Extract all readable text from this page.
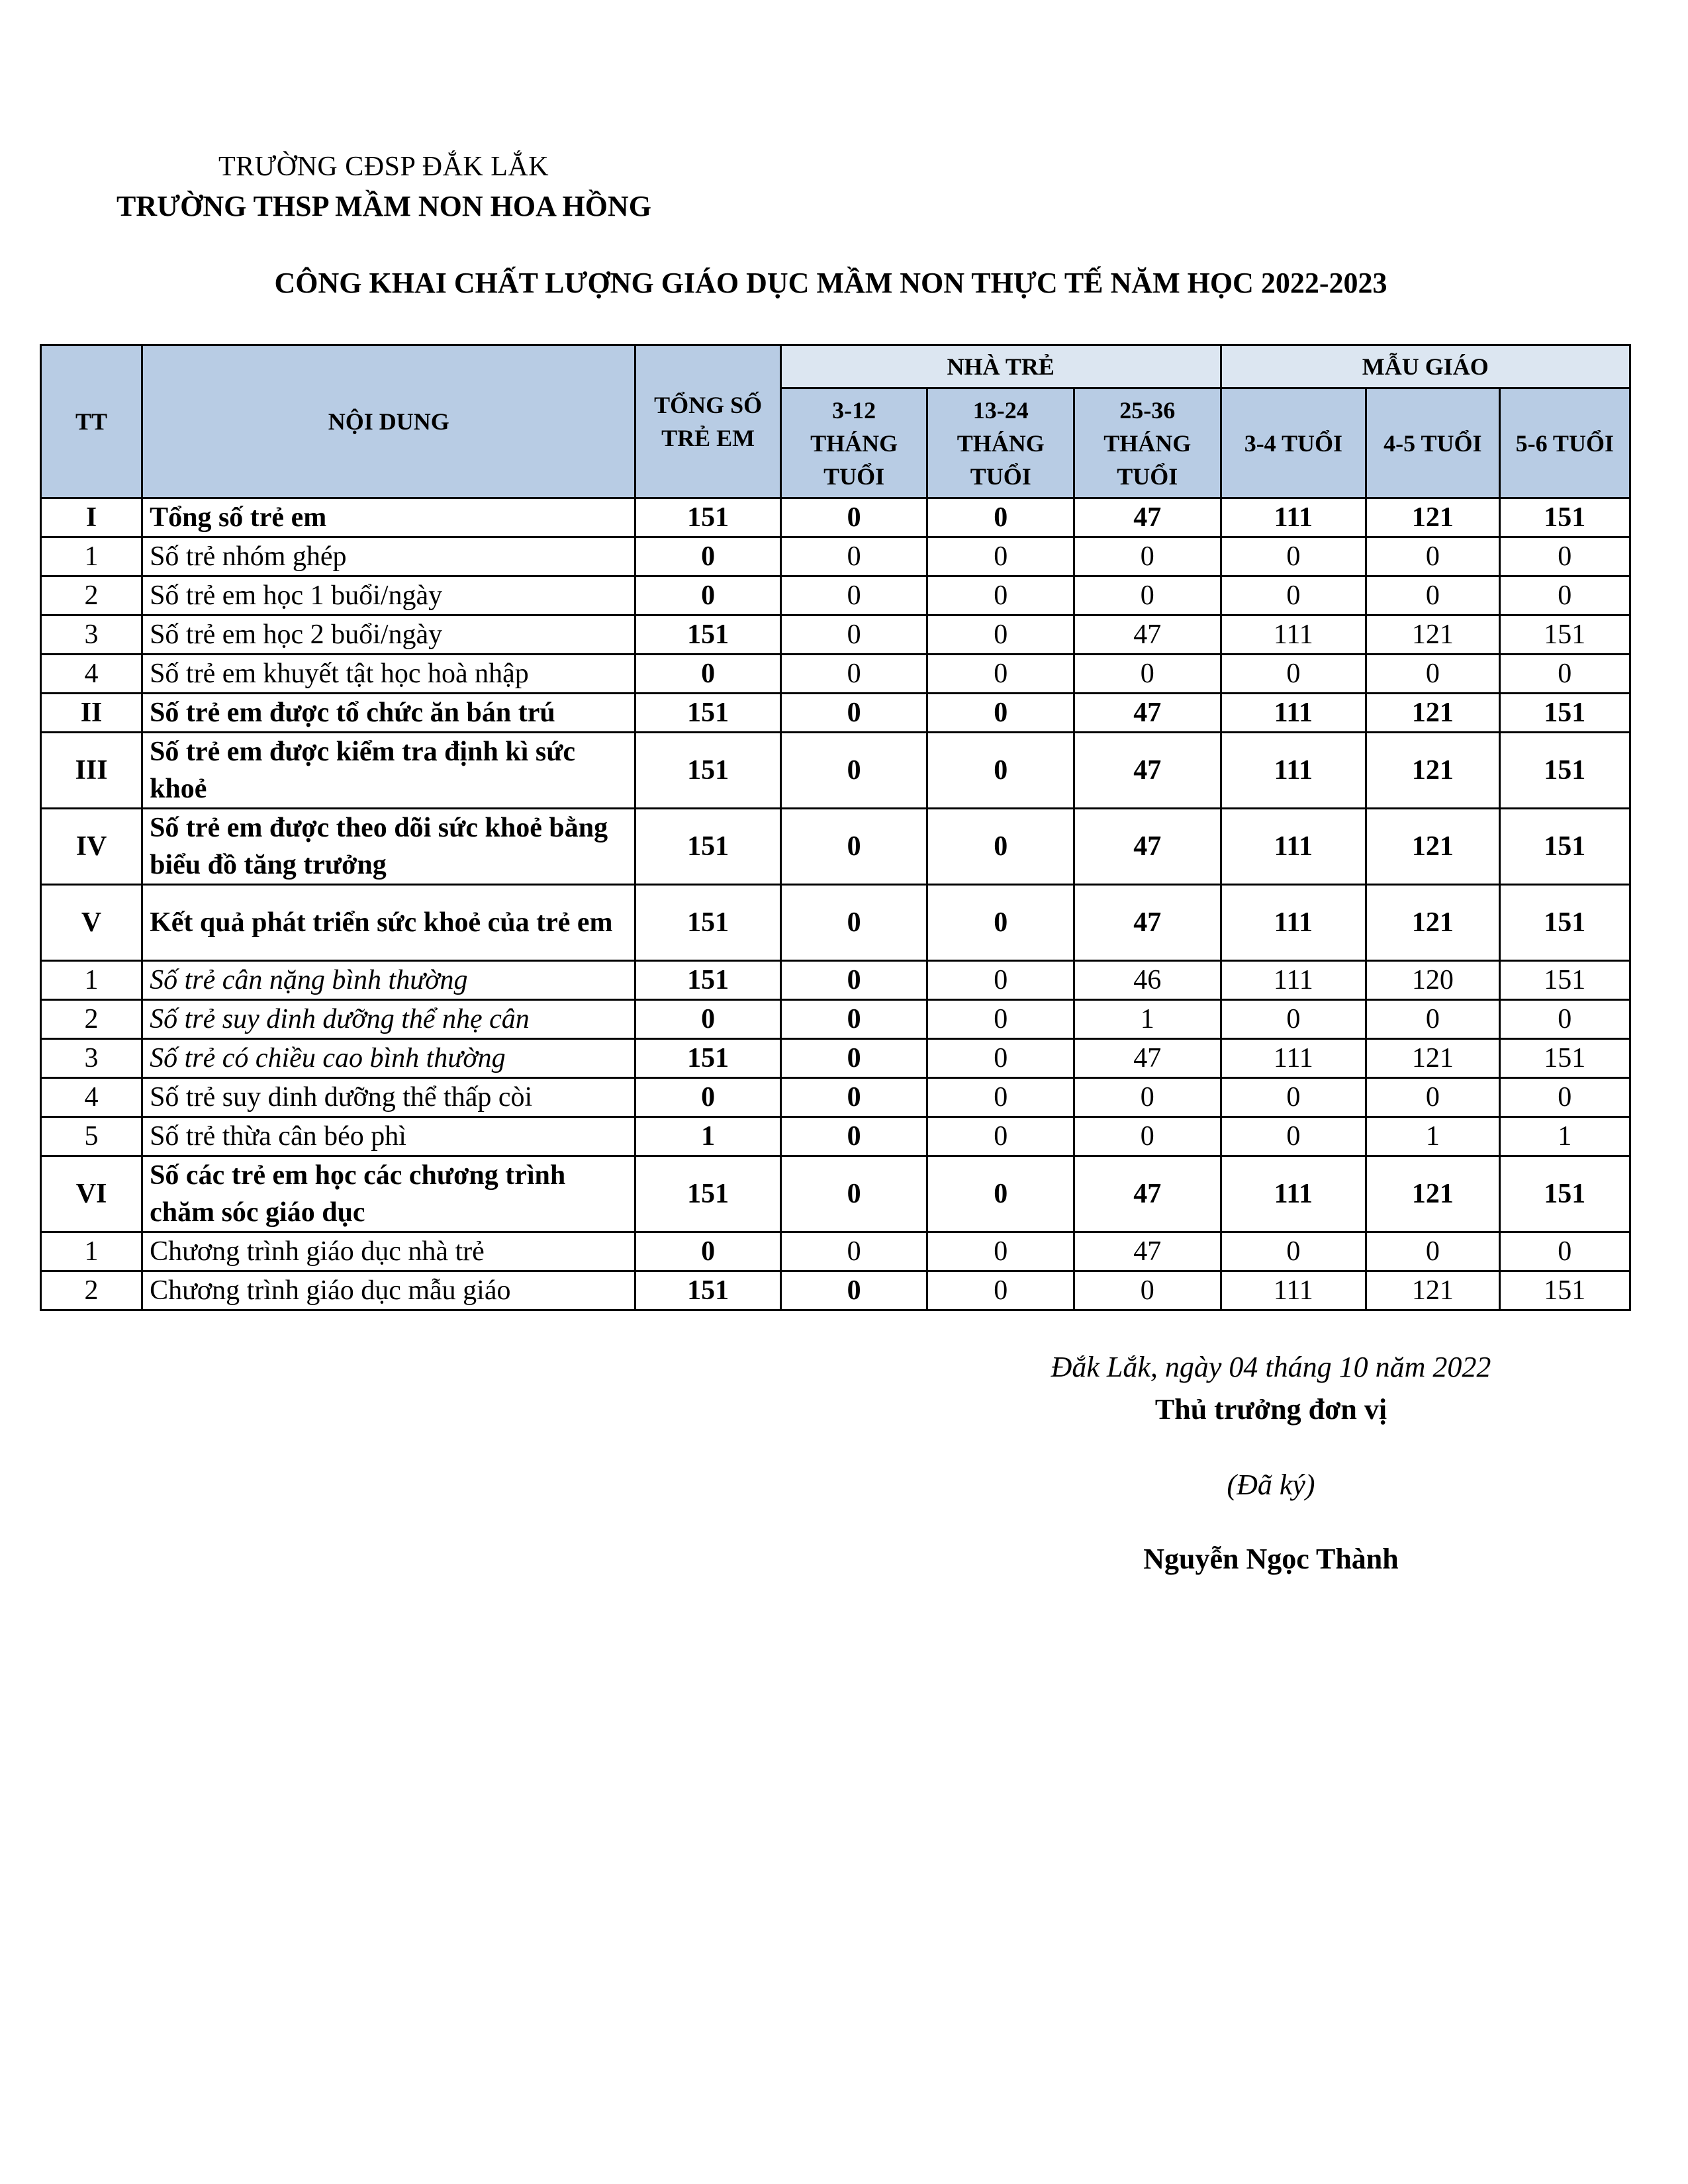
TRƯỜNG CĐSP ĐẮK LẮK
TRƯỜNG THSP MẦM NON HOA HỒNG
CÔNG KHAI CHẤT LƯỢNG GIÁO DỤC MẦM NON THỰC TẾ NĂM HỌC 2022-2023
TT	NỘI DUNG	TỔNG SỐ TRẺ EM	NHÀ TRẺ			MẪU GIÁO		
			3-12 THÁNG TUỔI	13-24 THÁNG TUỔI	25-36 THÁNG TUỔI	3-4 TUỔI	4-5 TUỔI	5-6 TUỔI
I	Tổng số trẻ em	151	0	0	47	111	121	151
1	Số trẻ nhóm ghép	0	0	0	0	0	0	0
2	Số trẻ em học 1 buổi/ngày	0	0	0	0	0	0	0
3	Số trẻ em học 2 buổi/ngày	151	0	0	47	111	121	151
4	Số trẻ em khuyết tật học hoà nhập	0	0	0	0	0	0	0
II	Số trẻ em được tổ chức ăn bán trú	151	0	0	47	111	121	151
III	Số trẻ em được kiểm tra định kì sức khoẻ	151	0	0	47	111	121	151
IV	Số trẻ em được theo dõi sức khoẻ bằng biểu đồ tăng trưởng	151	0	0	47	111	121	151
V	Kết quả phát triển sức khoẻ của trẻ em	151	0	0	47	111	121	151
1	Số trẻ cân nặng bình thường	151	0	0	46	111	120	151
2	Số trẻ suy dinh dưỡng thể nhẹ cân	0	0	0	1	0	0	0
3	Số trẻ có chiều cao bình thường	151	0	0	47	111	121	151
4	Số trẻ suy dinh dưỡng thể thấp còi	0	0	0	0	0	0	0
5	Số trẻ thừa cân béo phì	1	0	0	0	0	1	1
VI	Số các trẻ em học các chương trình chăm sóc giáo dục	151	0	0	47	111	121	151
1	Chương trình giáo dục nhà trẻ	0	0	0	47	0	0	0
2	Chương trình giáo dục mẫu giáo	151	0	0	0	111	121	151
Đắk Lắk, ngày 04 tháng 10 năm 2022
Thủ trưởng đơn vị
(Đã ký)
Nguyễn Ngọc Thành
